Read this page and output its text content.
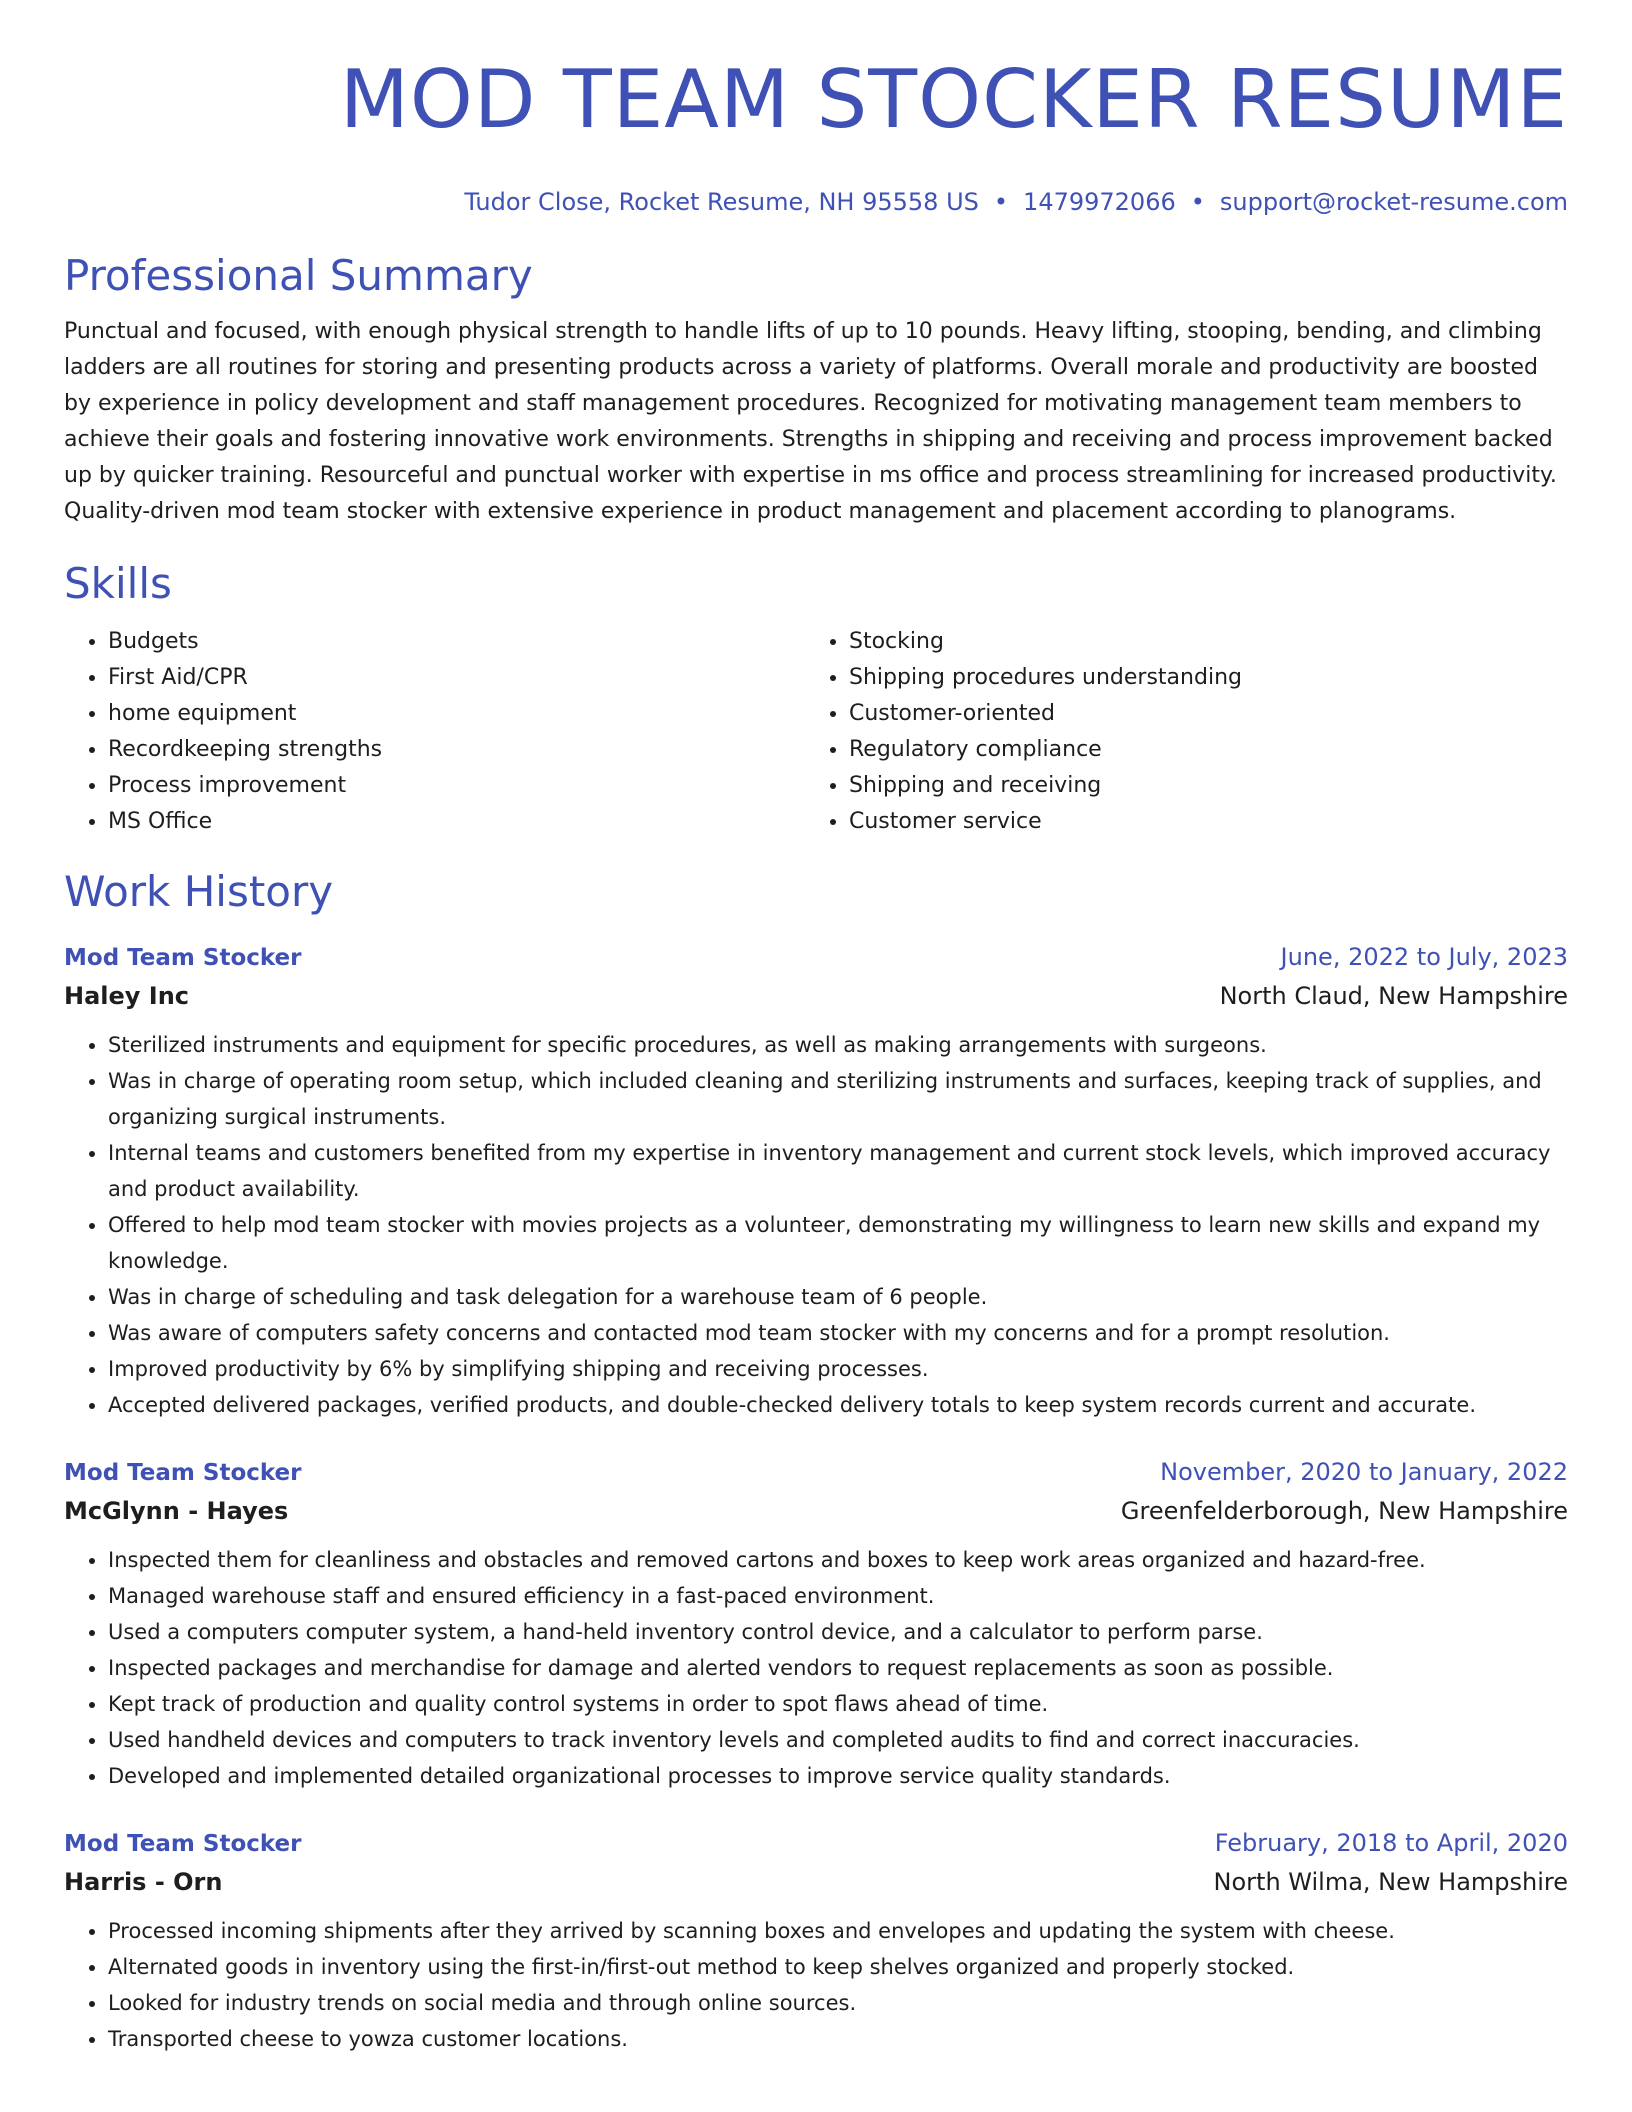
MOD TEAM STOCKER RESUME
Tudor Close, Rocket Resume, NH 95558 US • 1479972066 • support@rocket-resume.com
Professional Summary

Punctual and focused, with enough physical strength to handle lifts of up to 10 pounds. Heavy lifting, stooping, bending, and climbing ladders are all routines for storing and presenting products across a variety of platforms. Overall morale and productivity are boosted by experience in policy development and staff management procedures. Recognized for motivating management team members to achieve their goals and fostering innovative work environments. Strengths in shipping and receiving and process improvement backed up by quicker training. Resourceful and punctual worker with expertise in ms office and process streamlining for increased productivity. Quality-driven mod team stocker with extensive experience in product management and placement according to planograms.

Skills
• Budgets
• First Aid/CPR
• home equipment
• Recordkeeping strengths
• Process improvement
• MS Office
• Stocking
• Shipping procedures understanding
• Customer-oriented
• Regulatory compliance
• Shipping and receiving
• Customer service
Work History
Mod Team Stocker	June, 2022 to July, 2023
Haley Inc	North Claud, New Hampshire
• Sterilized instruments and equipment for specific procedures, as well as making arrangements with surgeons.
• Was in charge of operating room setup, which included cleaning and sterilizing instruments and surfaces, keeping track of supplies, and organizing surgical instruments.
• Internal teams and customers benefited from my expertise in inventory management and current stock levels, which improved accuracy and product availability.
• Offered to help mod team stocker with movies projects as a volunteer, demonstrating my willingness to learn new skills and expand my knowledge.
• Was in charge of scheduling and task delegation for a warehouse team of 6 people.
• Was aware of computers safety concerns and contacted mod team stocker with my concerns and for a prompt resolution.
• Improved productivity by 6% by simplifying shipping and receiving processes.
• Accepted delivered packages, verified products, and double-checked delivery totals to keep system records current and accurate.
Mod Team Stocker	November, 2020 to January, 2022
McGlynn - Hayes	Greenfelderborough, New Hampshire
• Inspected them for cleanliness and obstacles and removed cartons and boxes to keep work areas organized and hazard-free.
• Managed warehouse staff and ensured efficiency in a fast-paced environment.
• Used a computers computer system, a hand-held inventory control device, and a calculator to perform parse.
• Inspected packages and merchandise for damage and alerted vendors to request replacements as soon as possible.
• Kept track of production and quality control systems in order to spot flaws ahead of time.
• Used handheld devices and computers to track inventory levels and completed audits to find and correct inaccuracies.
• Developed and implemented detailed organizational processes to improve service quality standards.
Mod Team Stocker	February, 2018 to April, 2020
Harris - Orn	North Wilma, New Hampshire
• Processed incoming shipments after they arrived by scanning boxes and envelopes and updating the system with cheese.
• Alternated goods in inventory using the first-in/first-out method to keep shelves organized and properly stocked.
• Looked for industry trends on social media and through online sources.
• Transported cheese to yowza customer locations.
